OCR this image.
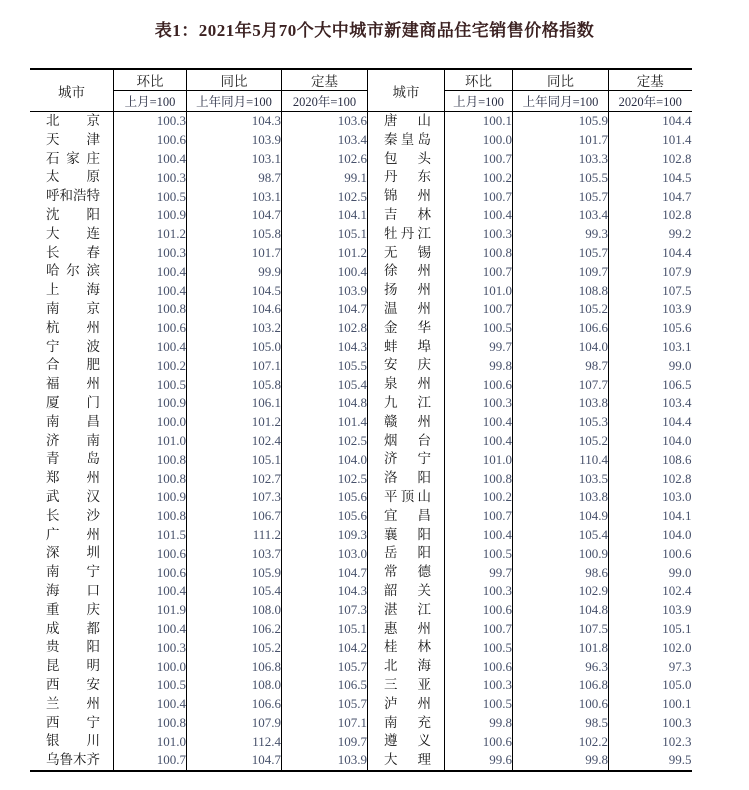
表1：2021年5月70个大中城市新建商品住宅销售价格指数
城市	环比	同比	定基	城市	环比	同比	定基
	上月=100	上年同月=100	2020年=100		上月=100	上年同月=100	2020年=100

北京	100.3	104.3	103.6	唐山	100.1	105.9	104.4

天津	100.6	103.9	103.4	秦皇岛	100.0	101.7	101.4

石家庄	100.4	103.1	102.6	包头	100.7	103.3	102.8

太原	100.3	98.7	99.1	丹东	100.2	105.5	104.5

呼和浩特	100.5	103.1	102.5	锦州	100.7	105.7	104.7

沈阳	100.9	104.7	104.1	吉林	100.4	103.4	102.8

大连	101.2	105.8	105.1	牡丹江	100.3	99.3	99.2

长春	100.3	101.7	101.2	无锡	100.8	105.7	104.4

哈尔滨	100.4	99.9	100.4	徐州	100.7	109.7	107.9

上海	100.4	104.5	103.9	扬州	101.0	108.8	107.5

南京	100.8	104.6	104.7	温州	100.7	105.2	103.9

杭州	100.6	103.2	102.8	金华	100.5	106.6	105.6

宁波	100.4	105.0	104.3	蚌埠	99.7	104.0	103.1

合肥	100.2	107.1	105.5	安庆	99.8	98.7	99.0

福州	100.5	105.8	105.4	泉州	100.6	107.7	106.5

厦门	100.9	106.1	104.8	九江	100.3	103.8	103.4

南昌	100.0	101.2	101.4	赣州	100.4	105.3	104.4

济南	101.0	102.4	102.5	烟台	100.4	105.2	104.0

青岛	100.8	105.1	104.0	济宁	101.0	110.4	108.6

郑州	100.8	102.7	102.5	洛阳	100.8	103.5	102.8

武汉	100.9	107.3	105.6	平顶山	100.2	103.8	103.0

长沙	100.8	106.7	105.6	宜昌	100.7	104.9	104.1

广州	101.5	111.2	109.3	襄阳	100.4	105.4	104.0

深圳	100.6	103.7	103.0	岳阳	100.5	100.9	100.6

南宁	100.6	105.9	104.7	常德	99.7	98.6	99.0

海口	100.4	105.4	104.3	韶关	100.3	102.9	102.4

重庆	101.9	108.0	107.3	湛江	100.6	104.8	103.9

成都	100.4	106.2	105.1	惠州	100.7	107.5	105.1

贵阳	100.3	105.2	104.2	桂林	100.5	101.8	102.0

昆明	100.0	106.8	105.7	北海	100.6	96.3	97.3

西安	100.5	108.0	106.5	三亚	100.3	106.8	105.0

兰州	100.4	106.6	105.7	泸州	100.5	100.6	100.1

西宁	100.8	107.9	107.1	南充	99.8	98.5	100.3

银川	101.0	112.4	109.7	遵义	100.6	102.2	102.3

乌鲁木齐	100.7	104.7	103.9	大理	99.6	99.8	99.5
